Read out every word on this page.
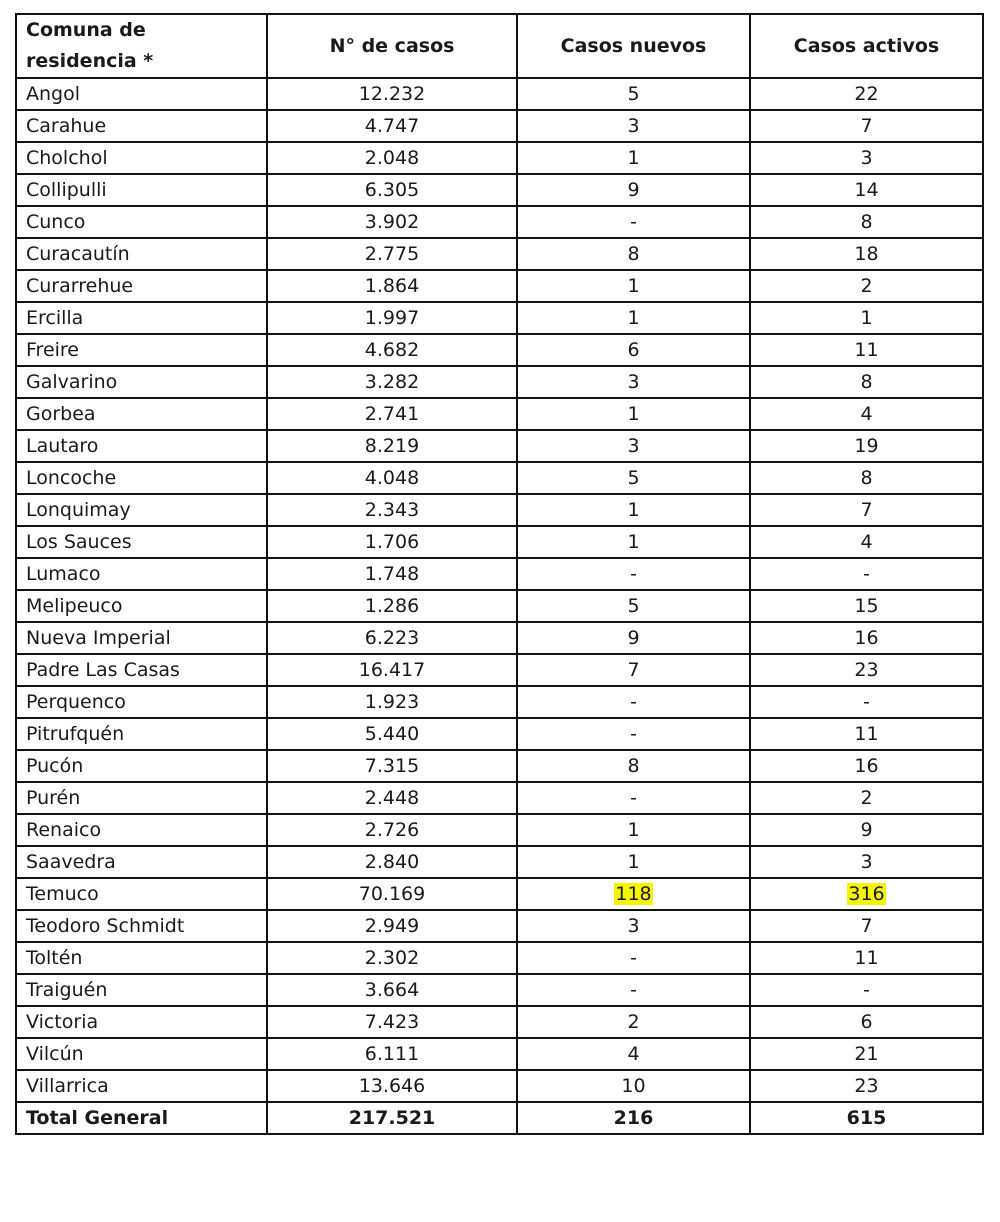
Comuna de
residencia *	N° de casos	Casos nuevos	Casos activos
Angol	12.232	5	22
Carahue	4.747	3	7
Cholchol	2.048	1	3
Collipulli	6.305	9	14
Cunco	3.902	-	8
Curacautín	2.775	8	18
Curarrehue	1.864	1	2
Ercilla	1.997	1	1
Freire	4.682	6	11
Galvarino	3.282	3	8
Gorbea	2.741	1	4
Lautaro	8.219	3	19
Loncoche	4.048	5	8
Lonquimay	2.343	1	7
Los Sauces	1.706	1	4
Lumaco	1.748	-	-
Melipeuco	1.286	5	15
Nueva Imperial	6.223	9	16
Padre Las Casas	16.417	7	23
Perquenco	1.923	-	-
Pitrufquén	5.440	-	11
Pucón	7.315	8	16
Purén	2.448	-	2
Renaico	2.726	1	9
Saavedra	2.840	1	3
Temuco	70.169	118	316
Teodoro Schmidt	2.949	3	7
Toltén	2.302	-	11
Traiguén	3.664	-	-
Victoria	7.423	2	6
Vilcún	6.111	4	21
Villarrica	13.646	10	23
Total General	217.521	216	615
